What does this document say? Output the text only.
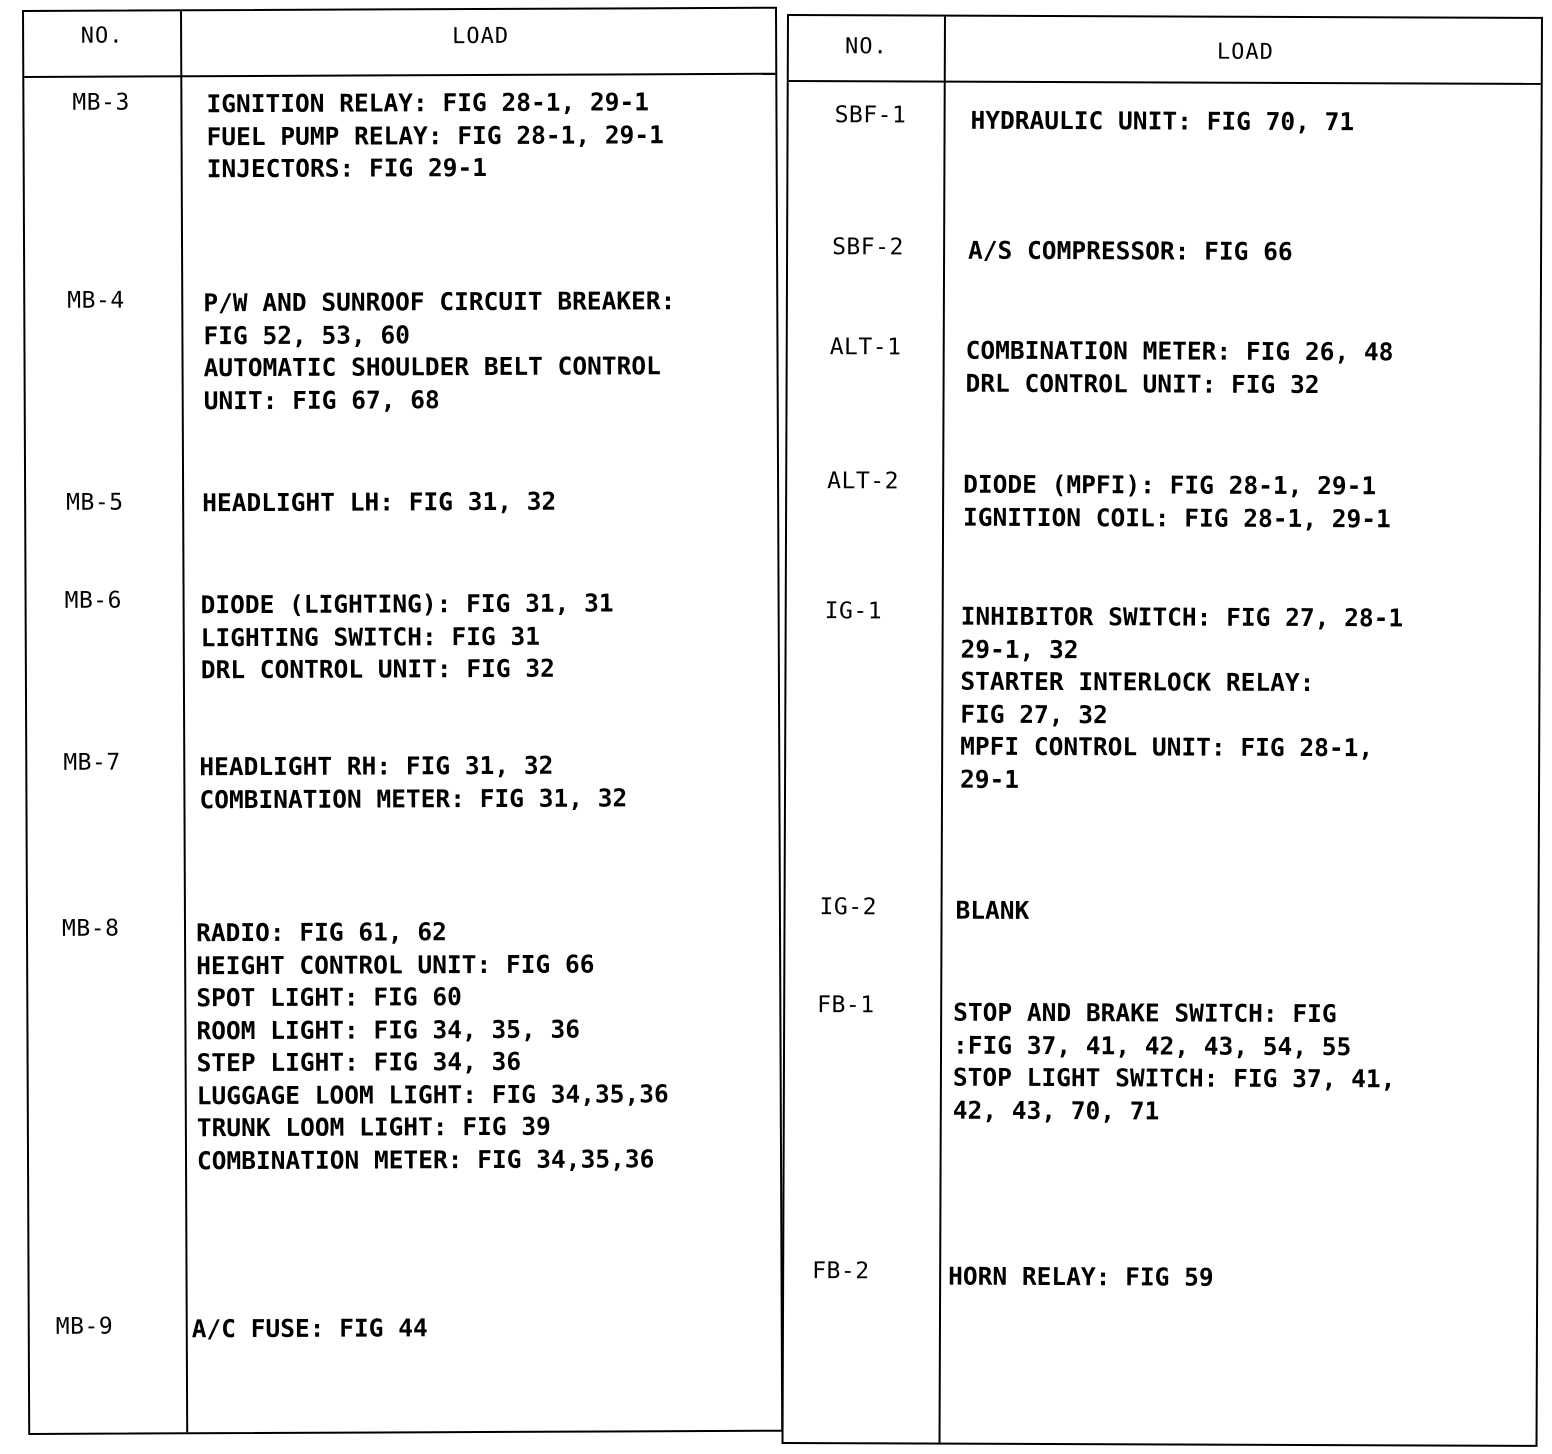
NO.	LOAD
MB-3	IGNITION RELAY: FIG 28-1, 29-1
FUEL PUMP RELAY: FIG 28-1, 29-1
INJECTORS: FIG 29-1
MB-4	P/W AND SUNROOF CIRCUIT BREAKER:
FIG 52, 53, 60
AUTOMATIC SHOULDER BELT CONTROL
UNIT: FIG 67, 68
MB-5	HEADLIGHT LH: FIG 31, 32
MB-6	DIODE (LIGHTING): FIG 31, 31
LIGHTING SWITCH: FIG 31
DRL CONTROL UNIT: FIG 32
MB-7	HEADLIGHT RH: FIG 31, 32
COMBINATION METER: FIG 31, 32
MB-8	RADIO: FIG 61, 62
HEIGHT CONTROL UNIT: FIG 66
SPOT LIGHT: FIG 60
ROOM LIGHT: FIG 34, 35, 36
STEP LIGHT: FIG 34, 36
LUGGAGE LOOM LIGHT: FIG 34,35,36
TRUNK LOOM LIGHT: FIG 39
COMBINATION METER: FIG 34,35,36
MB-9	A/C FUSE: FIG 44
NO.	LOAD
SBF-1	HYDRAULIC UNIT: FIG 70, 71
SBF-2	A/S COMPRESSOR: FIG 66
ALT-1	COMBINATION METER: FIG 26, 48
DRL CONTROL UNIT: FIG 32
ALT-2	DIODE (MPFI): FIG 28-1, 29-1
IGNITION COIL: FIG 28-1, 29-1
IG-1	INHIBITOR SWITCH: FIG 27, 28-1
29-1, 32
STARTER INTERLOCK RELAY:
FIG 27, 32
MPFI CONTROL UNIT: FIG 28-1,
29-1
IG-2	BLANK
FB-1	STOP AND BRAKE SWITCH: FIG
:FIG 37, 41, 42, 43, 54, 55
STOP LIGHT SWITCH: FIG 37, 41,
42, 43, 70, 71
FB-2	HORN RELAY: FIG 59
